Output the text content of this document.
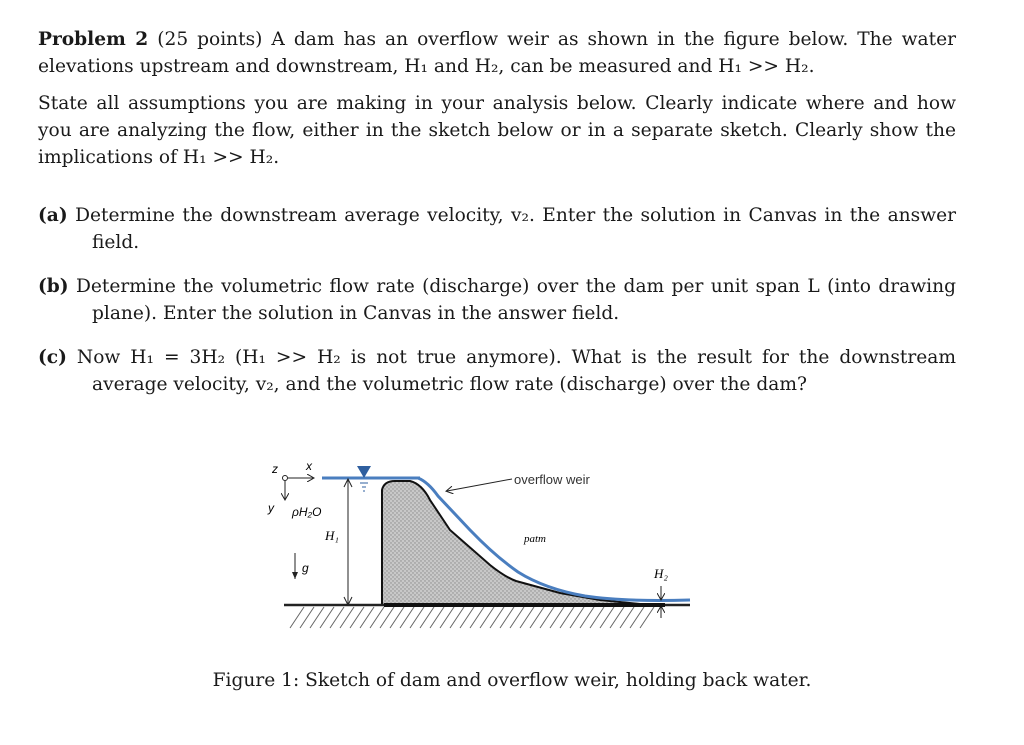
Problem 2 (25 points) A dam has an overflow weir as shown in the figure below. The water elevations upstream and downstream, H₁ and H₂, can be measured and H₁ >> H₂.

State all assumptions you are making in your analysis below. Clearly indicate where and how you are analyzing the flow, either in the sketch below or in a separate sketch. Clearly show the implications of H₁ >> H₂.

(a) Determine the downstream average velocity, v₂. Enter the solution in Canvas in the answer field.

(b) Determine the volumetric flow rate (discharge) over the dam per unit span L (into drawing plane). Enter the solution in Canvas in the answer field.

(c) Now H₁ = 3H₂ (H₁ >> H₂ is not true anymore). What is the result for the downstream average velocity, v₂, and the volumetric flow rate (discharge) over the dam?

z x
y ρH₂O
g
H₁
H₂
overflow weir
patm
Figure 1: Sketch of dam and overflow weir, holding back water.
